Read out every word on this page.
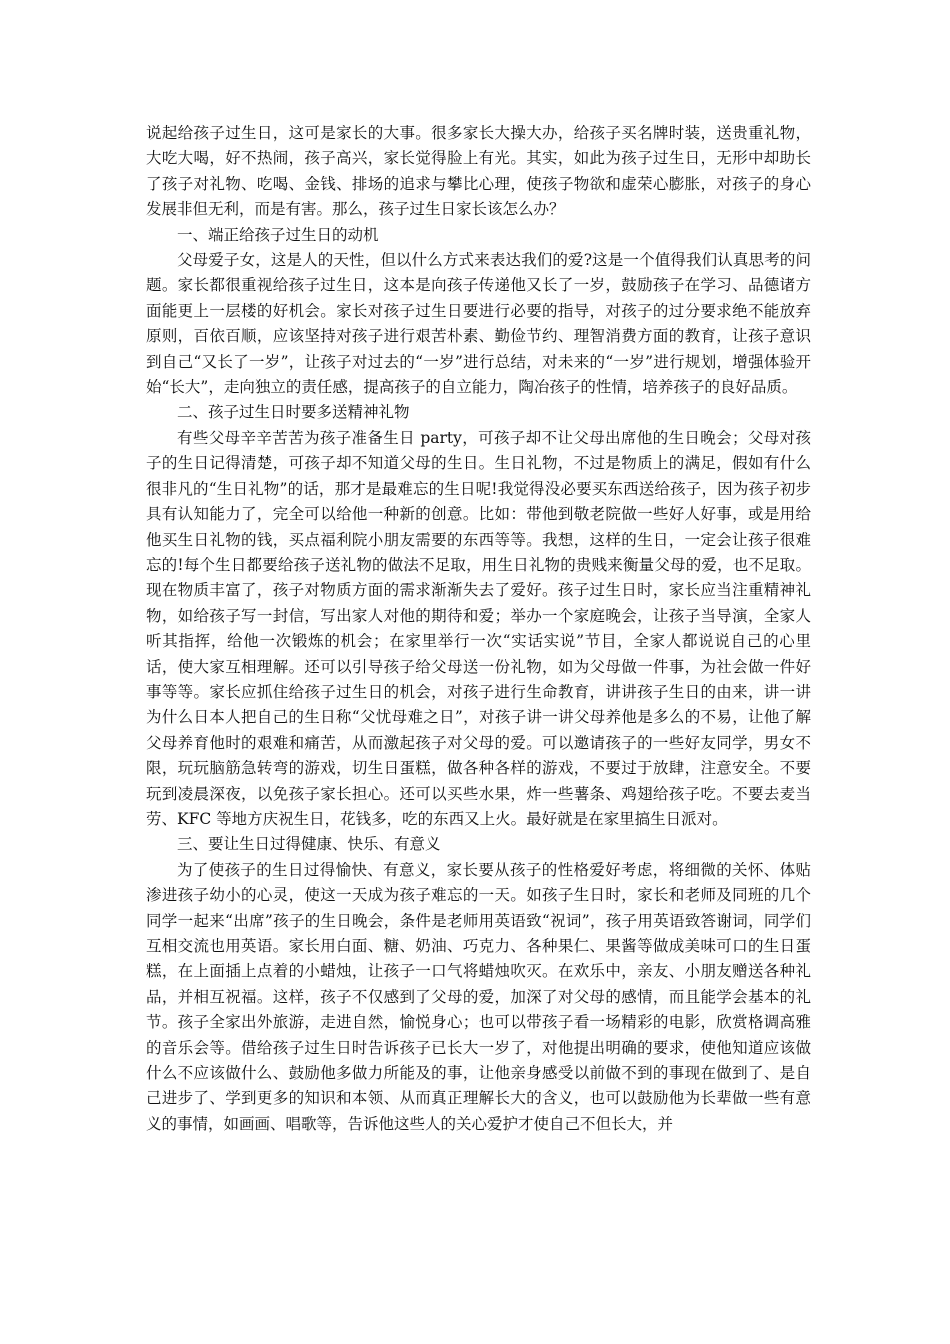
说起给孩子过生日，这可是家长的大事。很多家长大操大办，给孩子买名牌时装，送贵重礼物，大吃大喝，好不热闹，孩子高兴，家长觉得脸上有光。其实，如此为孩子过生日，无形中却助长了孩子对礼物、吃喝、金钱、排场的追求与攀比心理，使孩子物欲和虚荣心膨胀，对孩子的身心发展非但无利，而是有害。那么，孩子过生日家长该怎么办？

一、端正给孩子过生日的动机

父母爱子女，这是人的天性，但以什么方式来表达我们的爱?这是一个值得我们认真思考的问题。家长都很重视给孩子过生日，这本是向孩子传递他又长了一岁，鼓励孩子在学习、品德诸方面能更上一层楼的好机会。家长对孩子过生日要进行必要的指导，对孩子的过分要求绝不能放弃原则，百依百顺，应该坚持对孩子进行艰苦朴素、勤俭节约、理智消费方面的教育，让孩子意识到自己“又长了一岁”，让孩子对过去的“一岁”进行总结，对未来的“一岁”进行规划，增强体验开始“长大”，走向独立的责任感，提高孩子的自立能力，陶冶孩子的性情，培养孩子的良好品质。

二、孩子过生日时要多送精神礼物

有些父母辛辛苦苦为孩子准备生日 party，可孩子却不让父母出席他的生日晚会；父母对孩子的生日记得清楚，可孩子却不知道父母的生日。生日礼物，不过是物质上的满足，假如有什么很非凡的“生日礼物”的话，那才是最难忘的生日呢!我觉得没必要买东西送给孩子，因为孩子初步具有认知能力了，完全可以给他一种新的创意。比如：带他到敬老院做一些好人好事，或是用给他买生日礼物的钱，买点福利院小朋友需要的东西等等。我想，这样的生日，一定会让孩子很难忘的!每个生日都要给孩子送礼物的做法不足取，用生日礼物的贵贱来衡量父母的爱，也不足取。现在物质丰富了，孩子对物质方面的需求渐渐失去了爱好。孩子过生日时，家长应当注重精神礼物，如给孩子写一封信，写出家人对他的期待和爱；举办一个家庭晚会，让孩子当导演，全家人听其指挥，给他一次锻炼的机会；在家里举行一次“实话实说”节目，全家人都说说自己的心里话，使大家互相理解。还可以引导孩子给父母送一份礼物，如为父母做一件事，为社会做一件好事等等。家长应抓住给孩子过生日的机会，对孩子进行生命教育，讲讲孩子生日的由来，讲一讲为什么日本人把自己的生日称“父忧母难之日”，对孩子讲一讲父母养他是多么的不易，让他了解父母养育他时的艰难和痛苦，从而激起孩子对父母的爱。可以邀请孩子的一些好友同学，男女不限，玩玩脑筋急转弯的游戏，切生日蛋糕，做各种各样的游戏，不要过于放肆，注意安全。不要玩到凌晨深夜，以免孩子家长担心。还可以买些水果，炸一些薯条、鸡翅给孩子吃。不要去麦当劳、KFC 等地方庆祝生日，花钱多，吃的东西又上火。最好就是在家里搞生日派对。

三、要让生日过得健康、快乐、有意义

为了使孩子的生日过得愉快、有意义，家长要从孩子的性格爱好考虑，将细微的关怀、体贴渗进孩子幼小的心灵，使这一天成为孩子难忘的一天。如孩子生日时，家长和老师及同班的几个同学一起来“出席”孩子的生日晚会，条件是老师用英语致“祝词”，孩子用英语致答谢词，同学们互相交流也用英语。家长用白面、糖、奶油、巧克力、各种果仁、果酱等做成美味可口的生日蛋糕，在上面插上点着的小蜡烛，让孩子一口气将蜡烛吹灭。在欢乐中，亲友、小朋友赠送各种礼品，并相互祝福。这样，孩子不仅感到了父母的爱，加深了对父母的感情，而且能学会基本的礼节。孩子全家出外旅游，走进自然，愉悦身心；也可以带孩子看一场精彩的电影，欣赏格调高雅的音乐会等。借给孩子过生日时告诉孩子已长大一岁了，对他提出明确的要求，使他知道应该做什么不应该做什么、鼓励他多做力所能及的事，让他亲身感受以前做不到的事现在做到了、是自己进步了、学到更多的知识和本领、从而真正理解长大的含义，也可以鼓励他为长辈做一些有意义的事情，如画画、唱歌等，告诉他这些人的关心爱护才使自己不但长大，并
